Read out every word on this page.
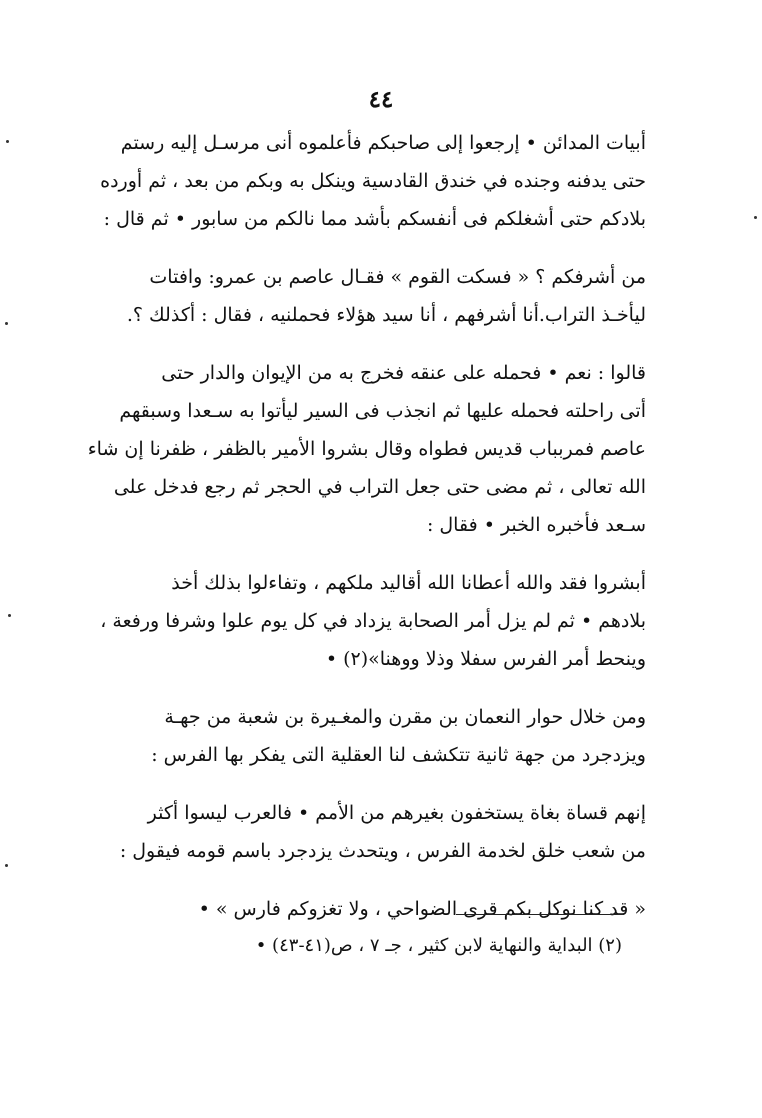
٤٤
أبيات المدائن • إرجعوا إلى صاحبكم فأعلموه أنى مرسـل إليه رستم
حتى يدفنه وجنده في خندق القادسية وينكل به وبكم من بعد ، ثم أورده
بلادكم حتى أشغلكم فى أنفسكم بأشد مما نالكم من سابور • ثم قال :
من أشرفكم ؟ « فسكت القوم » فقـال عاصم بن عمرو: وافتات
ليأخـذ التراب.أنا أشرفهم ، أنا سيد هؤلاء فحملنيه ، فقال : أكذلك ؟.
قالوا : نعم • فحمله على عنقه فخرج به من الإيوان والدار حتى
أتى راحلته فحمله عليها ثم انجذب فى السير ليأتوا به سـعدا وسبقهم
عاصم فمربباب قديس فطواه وقال بشروا الأمير بالظفر ، ظفرنا إن شاء
الله تعالى ، ثم مضى حتى جعل التراب في الحجر ثم رجع فدخل على
سـعد فأخبره الخبر • فقال :
أبشروا فقد والله أعطانا الله أقاليد ملكهم ، وتفاءلوا بذلك أخذ
بلادهم • ثم لم يزل أمر الصحابة يزداد في كل يوم علوا وشرفا ورفعة ،
وينحط أمر الفرس سفلا وذلا ووهنا»(٢) •
ومن خلال حوار النعمان بن مقرن والمغـيرة بن شعبة من جهـة
ويزدجرد من جهة ثانية تتكشف لنا العقلية التى يفكر بها الفرس :
إنهم قساة بغاة يستخفون بغيرهم من الأمم • فالعرب ليسوا أكثر
من شعب خلق لخدمة الفرس ، ويتحدث يزدجرد باسم قومه فيقول :
« قد كنا نوكل بكم قرى الضواحي ، ولا تغزوكم فارس » •
(٢) البداية والنهاية لابن كثير ، جـ ٧ ، ص(٤١-٤٣) •
